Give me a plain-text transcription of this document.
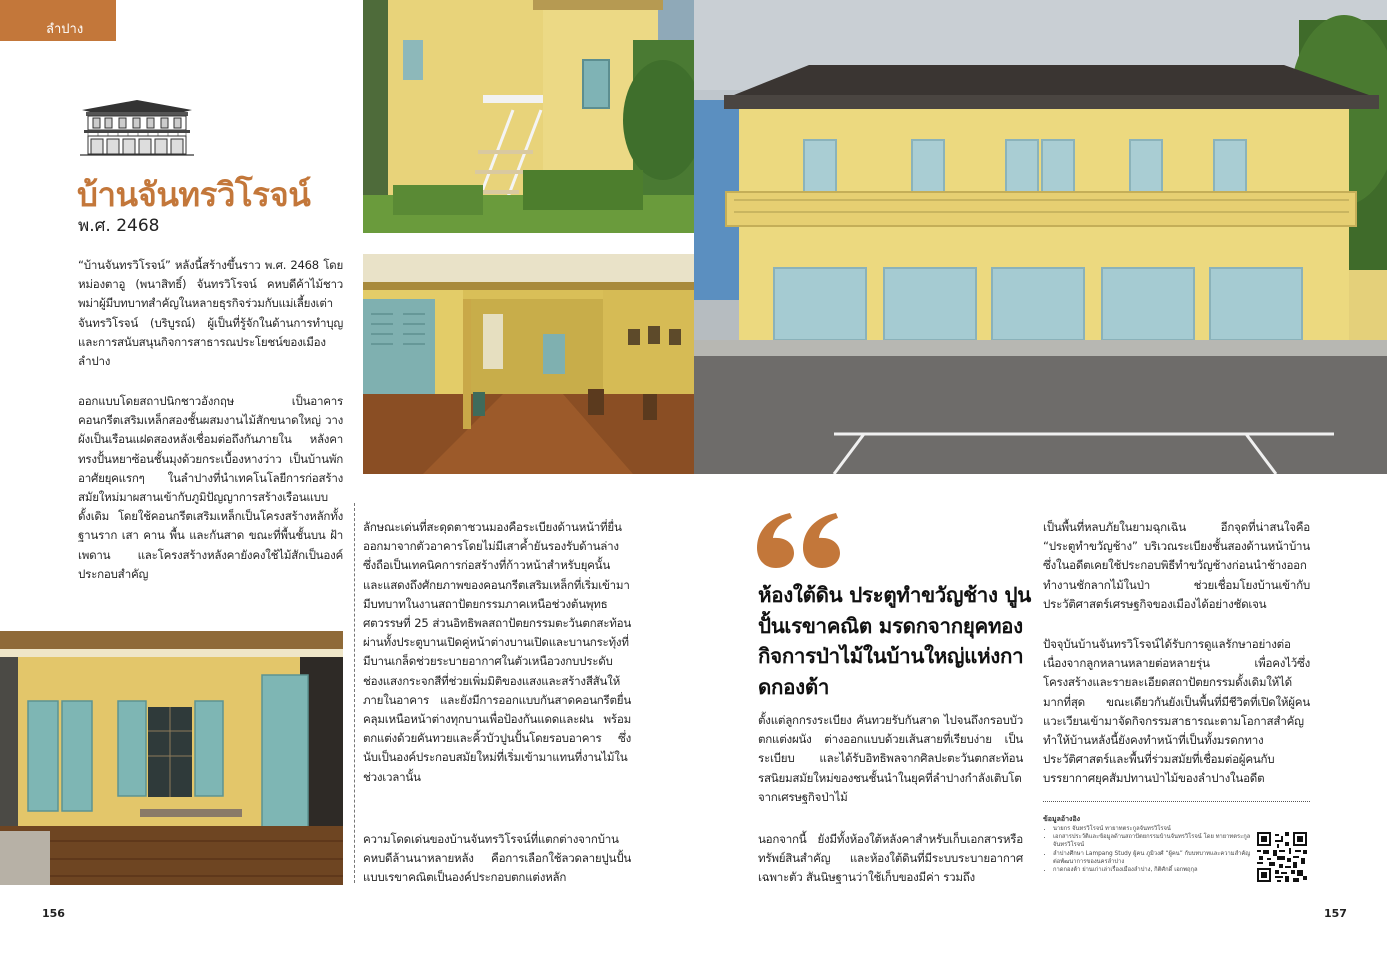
ลำปาง
บ้านจันทรวิโรจน์
พ.ศ. 2468

“บ้านจันทรวิโรจน์” หลังนี้สร้างขึ้นราว พ.ศ. 2468 โดย หม่องตาอู (พนาสิทธิ์) จันทรวิโรจน์ คหบดีค้าไม้ชาวพม่าผู้มีบทบาทสำคัญในหลายธุรกิจร่วมกับแม่เลี้ยงเต่า จันทรวิโรจน์ (บริบูรณ์) ผู้เป็นที่รู้จักในด้านการทำบุญและการสนับสนุนกิจการสาธารณประโยชน์ของเมืองลำปาง

ออกแบบโดยสถาปนิกชาวอังกฤษ เป็นอาคารคอนกรีตเสริมเหล็กสองชั้นผสมงานไม้สักขนาดใหญ่ วางผังเป็นเรือนแฝดสองหลังเชื่อมต่อถึงกันภายใน หลังคาทรงปั้นหยาซ้อนชั้นมุงด้วยกระเบื้องหางว่าว เป็นบ้านพักอาศัยยุคแรกๆ ในลำปางที่นำเทคโนโลยีการก่อสร้างสมัยใหม่มาผสานเข้ากับภูมิปัญญาการสร้างเรือนแบบดั้งเดิม โดยใช้คอนกรีตเสริมเหล็กเป็นโครงสร้างหลักทั้งฐานราก เสา คาน พื้น และกันสาด ขณะที่พื้นชั้นบน ฝ้าเพดาน และโครงสร้างหลังคายังคงใช้ไม้สักเป็นองค์ประกอบสำคัญ

ลักษณะเด่นที่สะดุดตาชวนมองคือระเบียงด้านหน้าที่ยื่นออกมาจากตัวอาคารโดยไม่มีเสาค้ำยันรองรับด้านล่าง ซึ่งถือเป็นเทคนิคการก่อสร้างที่ก้าวหน้าสำหรับยุคนั้น และแสดงถึงศักยภาพของคอนกรีตเสริมเหล็กที่เริ่มเข้ามามีบทบาทในงานสถาปัตยกรรมภาคเหนือช่วงต้นพุทธศตวรรษที่ 25 ส่วนอิทธิพลสถาปัตยกรรมตะวันตกสะท้อนผ่านทั้งประตูบานเปิดคู่หน้าต่างบานเปิดและบานกระทุ้งที่มีบานเกล็ดช่วยระบายอากาศในตัวเหนือวงกบประดับช่องแสงกระจกสีที่ช่วยเพิ่มมิติของแสงและสร้างสีสันให้ภายในอาคาร และยังมีการออกแบบกันสาดคอนกรีตยื่นคลุมเหนือหน้าต่างทุกบานเพื่อป้องกันแดดและฝน พร้อมตกแต่งด้วยคันทวยและคิ้วบัวปูนปั้นโดยรอบอาคาร ซึ่งนับเป็นองค์ประกอบสมัยใหม่ที่เริ่มเข้ามาแทนที่งานไม้ในช่วงเวลานั้น

ความโดดเด่นของบ้านจันทรวิโรจน์ที่แตกต่างจากบ้านคหบดีล้านนาหลายหลัง คือการเลือกใช้ลวดลายปูนปั้นแบบเรขาคณิตเป็นองค์ประกอบตกแต่งหลัก

ห้องใต้ดิน ประตูทำขวัญช้าง ปูนปั้นเรขาคณิต มรดกจากยุคทองกิจการป่าไม้ในบ้านใหญ่แห่งกาดกองต้า

ตั้งแต่ลูกกรงระเบียง คันทวยรับกันสาด ไปจนถึงกรอบบัวตกแต่งผนัง ต่างออกแบบด้วยเส้นสายที่เรียบง่าย เป็นระเบียบ และได้รับอิทธิพลจากศิลปะตะวันตกสะท้อนรสนิยมสมัยใหม่ของชนชั้นนำในยุคที่ลำปางกำลังเติบโตจากเศรษฐกิจป่าไม้

นอกจากนี้ ยังมีทั้งห้องใต้หลังคาสำหรับเก็บเอกสารหรือทรัพย์สินสำคัญ และห้องใต้ดินที่มีระบบระบายอากาศเฉพาะตัว สันนิษฐานว่าใช้เก็บของมีค่า รวมถึง

เป็นพื้นที่หลบภัยในยามฉุกเฉิน อีกจุดที่น่าสนใจคือ “ประตูทำขวัญช้าง” บริเวณระเบียงชั้นสองด้านหน้าบ้าน ซึ่งในอดีตเคยใช้ประกอบพิธีทำขวัญช้างก่อนนำช้างออกทำงานชักลากไม้ในป่า ช่วยเชื่อมโยงบ้านเข้ากับประวัติศาสตร์เศรษฐกิจของเมืองได้อย่างชัดเจน

ปัจจุบันบ้านจันทรวิโรจน์ได้รับการดูแลรักษาอย่างต่อเนื่องจากลูกหลานหลายต่อหลายรุ่น เพื่อคงไว้ซึ่งโครงสร้างและรายละเอียดสถาปัตยกรรมดั้งเดิมให้ได้มากที่สุด ขณะเดียวกันยังเป็นพื้นที่มีชีวิตที่เปิดให้ผู้คนแวะเวียนเข้ามาจัดกิจกรรมสาธารณะตามโอกาสสำคัญ ทำให้บ้านหลังนี้ยังคงทำหน้าที่เป็นทั้งมรดกทางประวัติศาสตร์และพื้นที่ร่วมสมัยที่เชื่อมต่อผู้คนกับบรรยากาศยุคสัมปทานป่าไม้ของลำปางในอดีต

ข้อมูลอ้างอิง
• นายกร จันทรวิโรจน์ ทายาทตระกูลจันทรวิโรจน์
• เอกสารประวัติและข้อมูลด้านสถาปัตยกรรมบ้านจันทรวิโรจน์ โดย ทายาทตระกูลจันทรวิโรจน์
• ลำปางศึกษา Lampang Study ผู้คน ภูมิวงศ์ “ผู้คน” กับบทบาทและความสำคัญต่อพัฒนาการของนครลำปาง
• กาดกองต้า ย่านเก่าเล่าเรื่องเมืองลำปาง, กิติศักดิ์ เอกพฤกุล
156	157
